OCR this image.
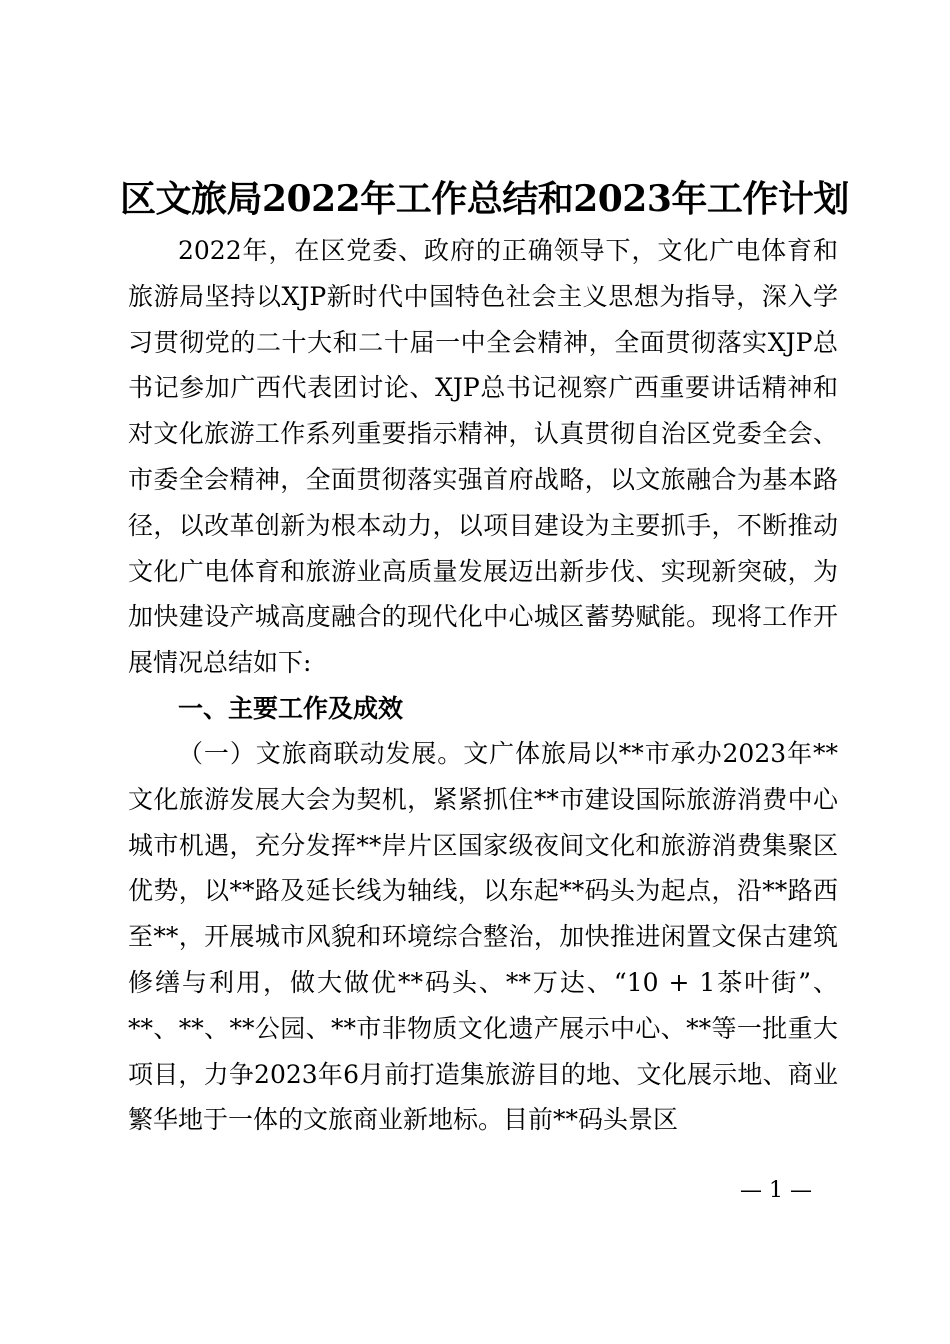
区文旅局2022年工作总结和2023年工作计划
2022年，在区党委、政府的正确领导下，文化广电体育和旅游局坚持以XJP新时代中国特色社会主义思想为指导，深入学习贯彻党的二十大和二十届一中全会精神，全面贯彻落实XJP总书记参加广西代表团讨论、XJP总书记视察广西重要讲话精神和对文化旅游工作系列重要指示精神，认真贯彻自治区党委全会、市委全会精神，全面贯彻落实强首府战略，以文旅融合为基本路径，以改革创新为根本动力，以项目建设为主要抓手，不断推动文化广电体育和旅游业高质量发展迈出新步伐、实现新突破，为加快建设产城高度融合的现代化中心城区蓄势赋能。现将工作开展情况总结如下:
一、主要工作及成效
（一）文旅商联动发展。文广体旅局以**市承办2023年**文化旅游发展大会为契机，紧紧抓住**市建设国际旅游消费中心城市机遇，充分发挥**岸片区国家级夜间文化和旅游消费集聚区优势，以**路及延长线为轴线，以东起**码头为起点，沿**路西至**，开展城市风貌和环境综合整治，加快推进闲置文保古建筑修缮与利用，做大做优**码头、**万达、“10 + 1茶叶街”、**、**、**公园、**市非物质文化遗产展示中心、**等一批重大项目，力争2023年6月前打造集旅游目的地、文化展示地、商业繁华地于一体的文旅商业新地标。目前**码头景区
— 1 —
